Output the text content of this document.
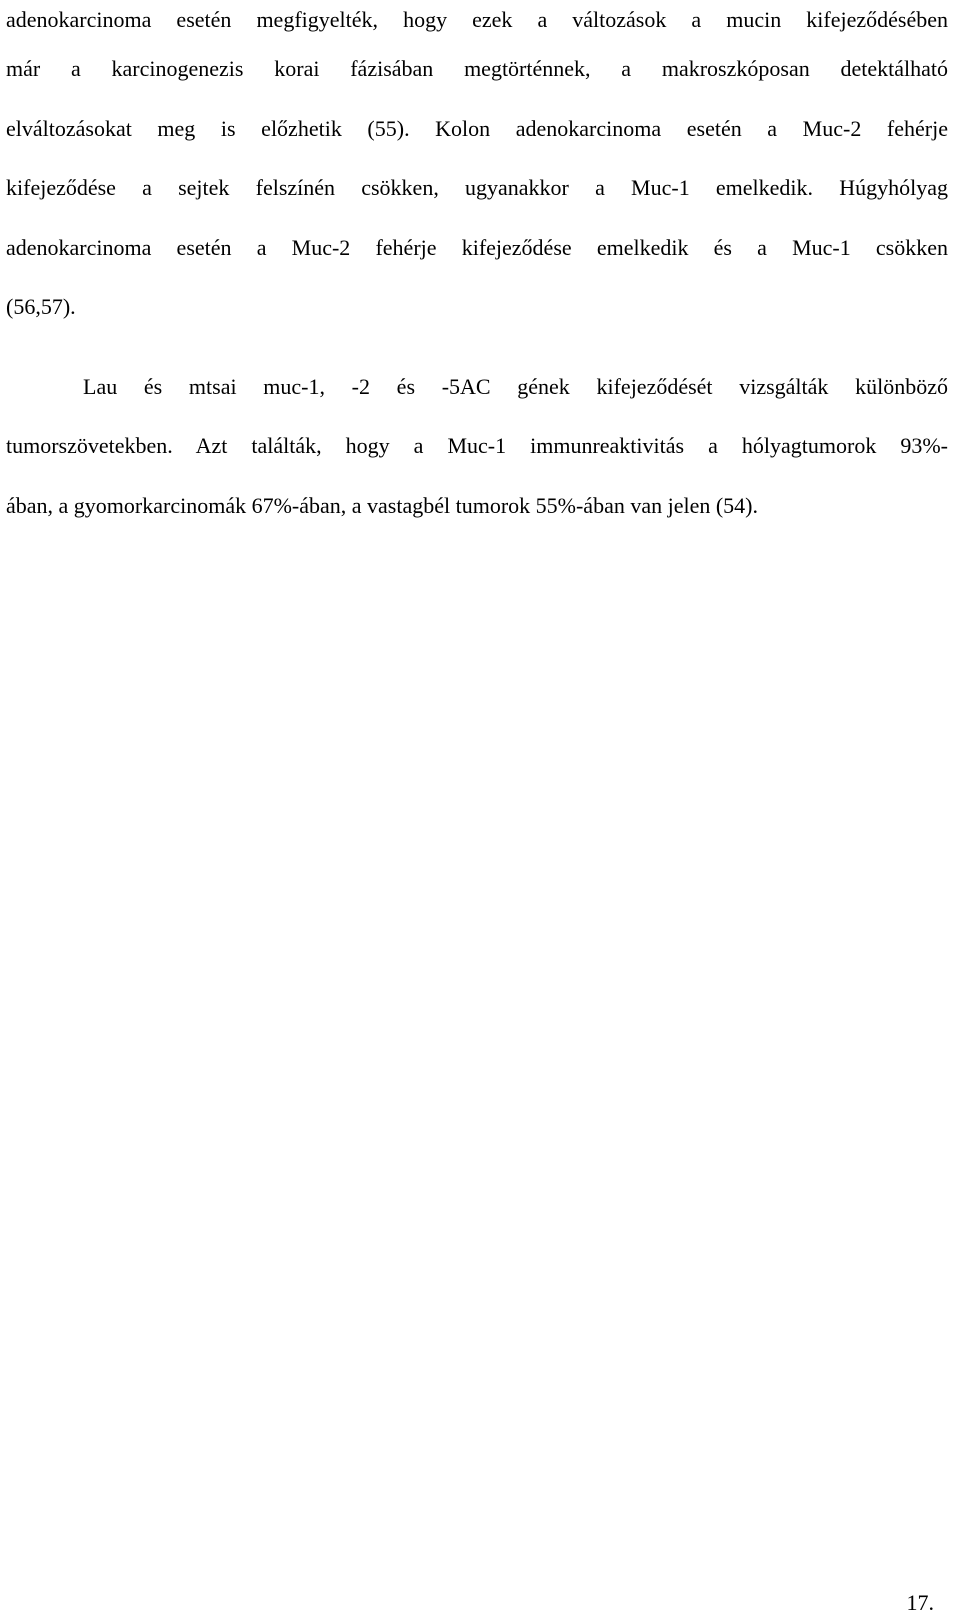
adenokarcinoma esetén megfigyelték, hogy ezek a változások a mucin kifejeződésében
már a karcinogenezis korai fázisában megtörténnek, a makroszkóposan detektálható
elváltozásokat meg is előzhetik (55). Kolon adenokarcinoma esetén a Muc-2 fehérje
kifejeződése a sejtek felszínén csökken, ugyanakkor a Muc-1 emelkedik. Húgyhólyag
adenokarcinoma esetén a Muc-2 fehérje kifejeződése emelkedik és a Muc-1 csökken
(56,57).
Lau és mtsai muc-1, -2 és -5AC gének kifejeződését vizsgálták különböző
tumorszövetekben. Azt találták, hogy a Muc-1 immunreaktivitás a hólyagtumorok 93%-
ában, a gyomorkarcinomák 67%-ában, a vastagbél tumorok 55%-ában van jelen (54).
17.
